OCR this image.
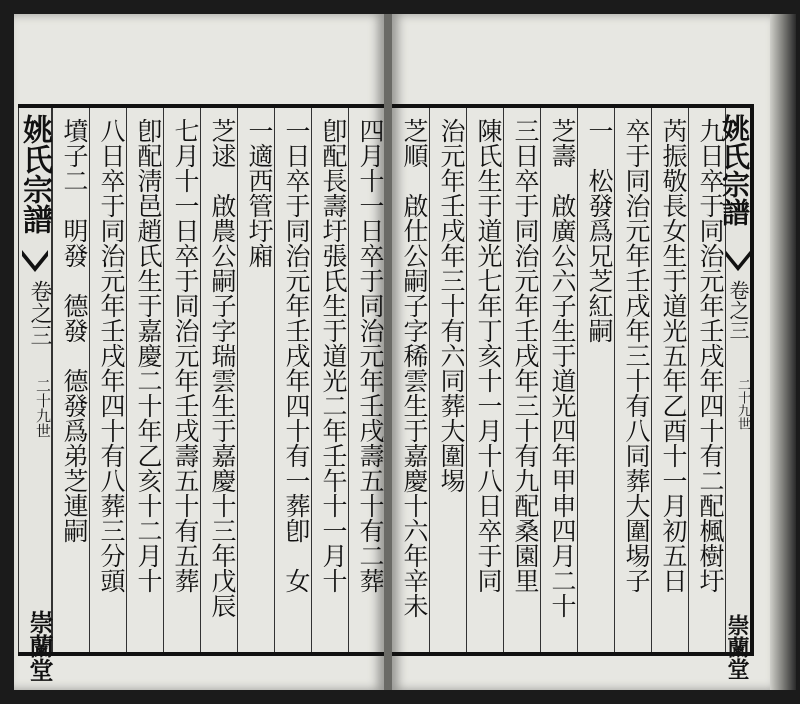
姚氏宗譜
卷之三
二十九世 墳子二　明發　德發　德發爲弟芝連嗣 八日卒于同治元年壬戌年四十有八葬三分頭 卽配淸邑趙氏生于嘉慶二十年乙亥十二月十 七月十一日卒于同治元年壬戌壽五十有五葬 芝逑　啟農公嗣子字瑞雲生于嘉慶十三年戊辰 一適西管圩廂 一日卒于同治元年壬戌年四十有一葬卽　女 卽配長壽圩張氏生于道光二年壬午十一月十 四月十一日卒于同治元年壬戌壽五十有二葬 芝順　啟仕公嗣子字稀雲生于嘉慶十六年辛未 治元年壬戌年三十有六同葬大圍埸 陳氏生于道光七年丁亥十一月十八日卒于同 三日卒于同治元年壬戌年三十有九配桑園里 芝壽　啟廣公六子生于道光四年甲申四月二十 一　松發爲兄芝紅嗣 卒于同治元年壬戌年三十有八同葬大圍埸子 芮振敬長女生于道光五年乙酉十一月初五日 九日卒于同治元年壬戌年四十有二配楓樹圩
姚氏宗譜
卷之三
二十九世
崇蘭堂
